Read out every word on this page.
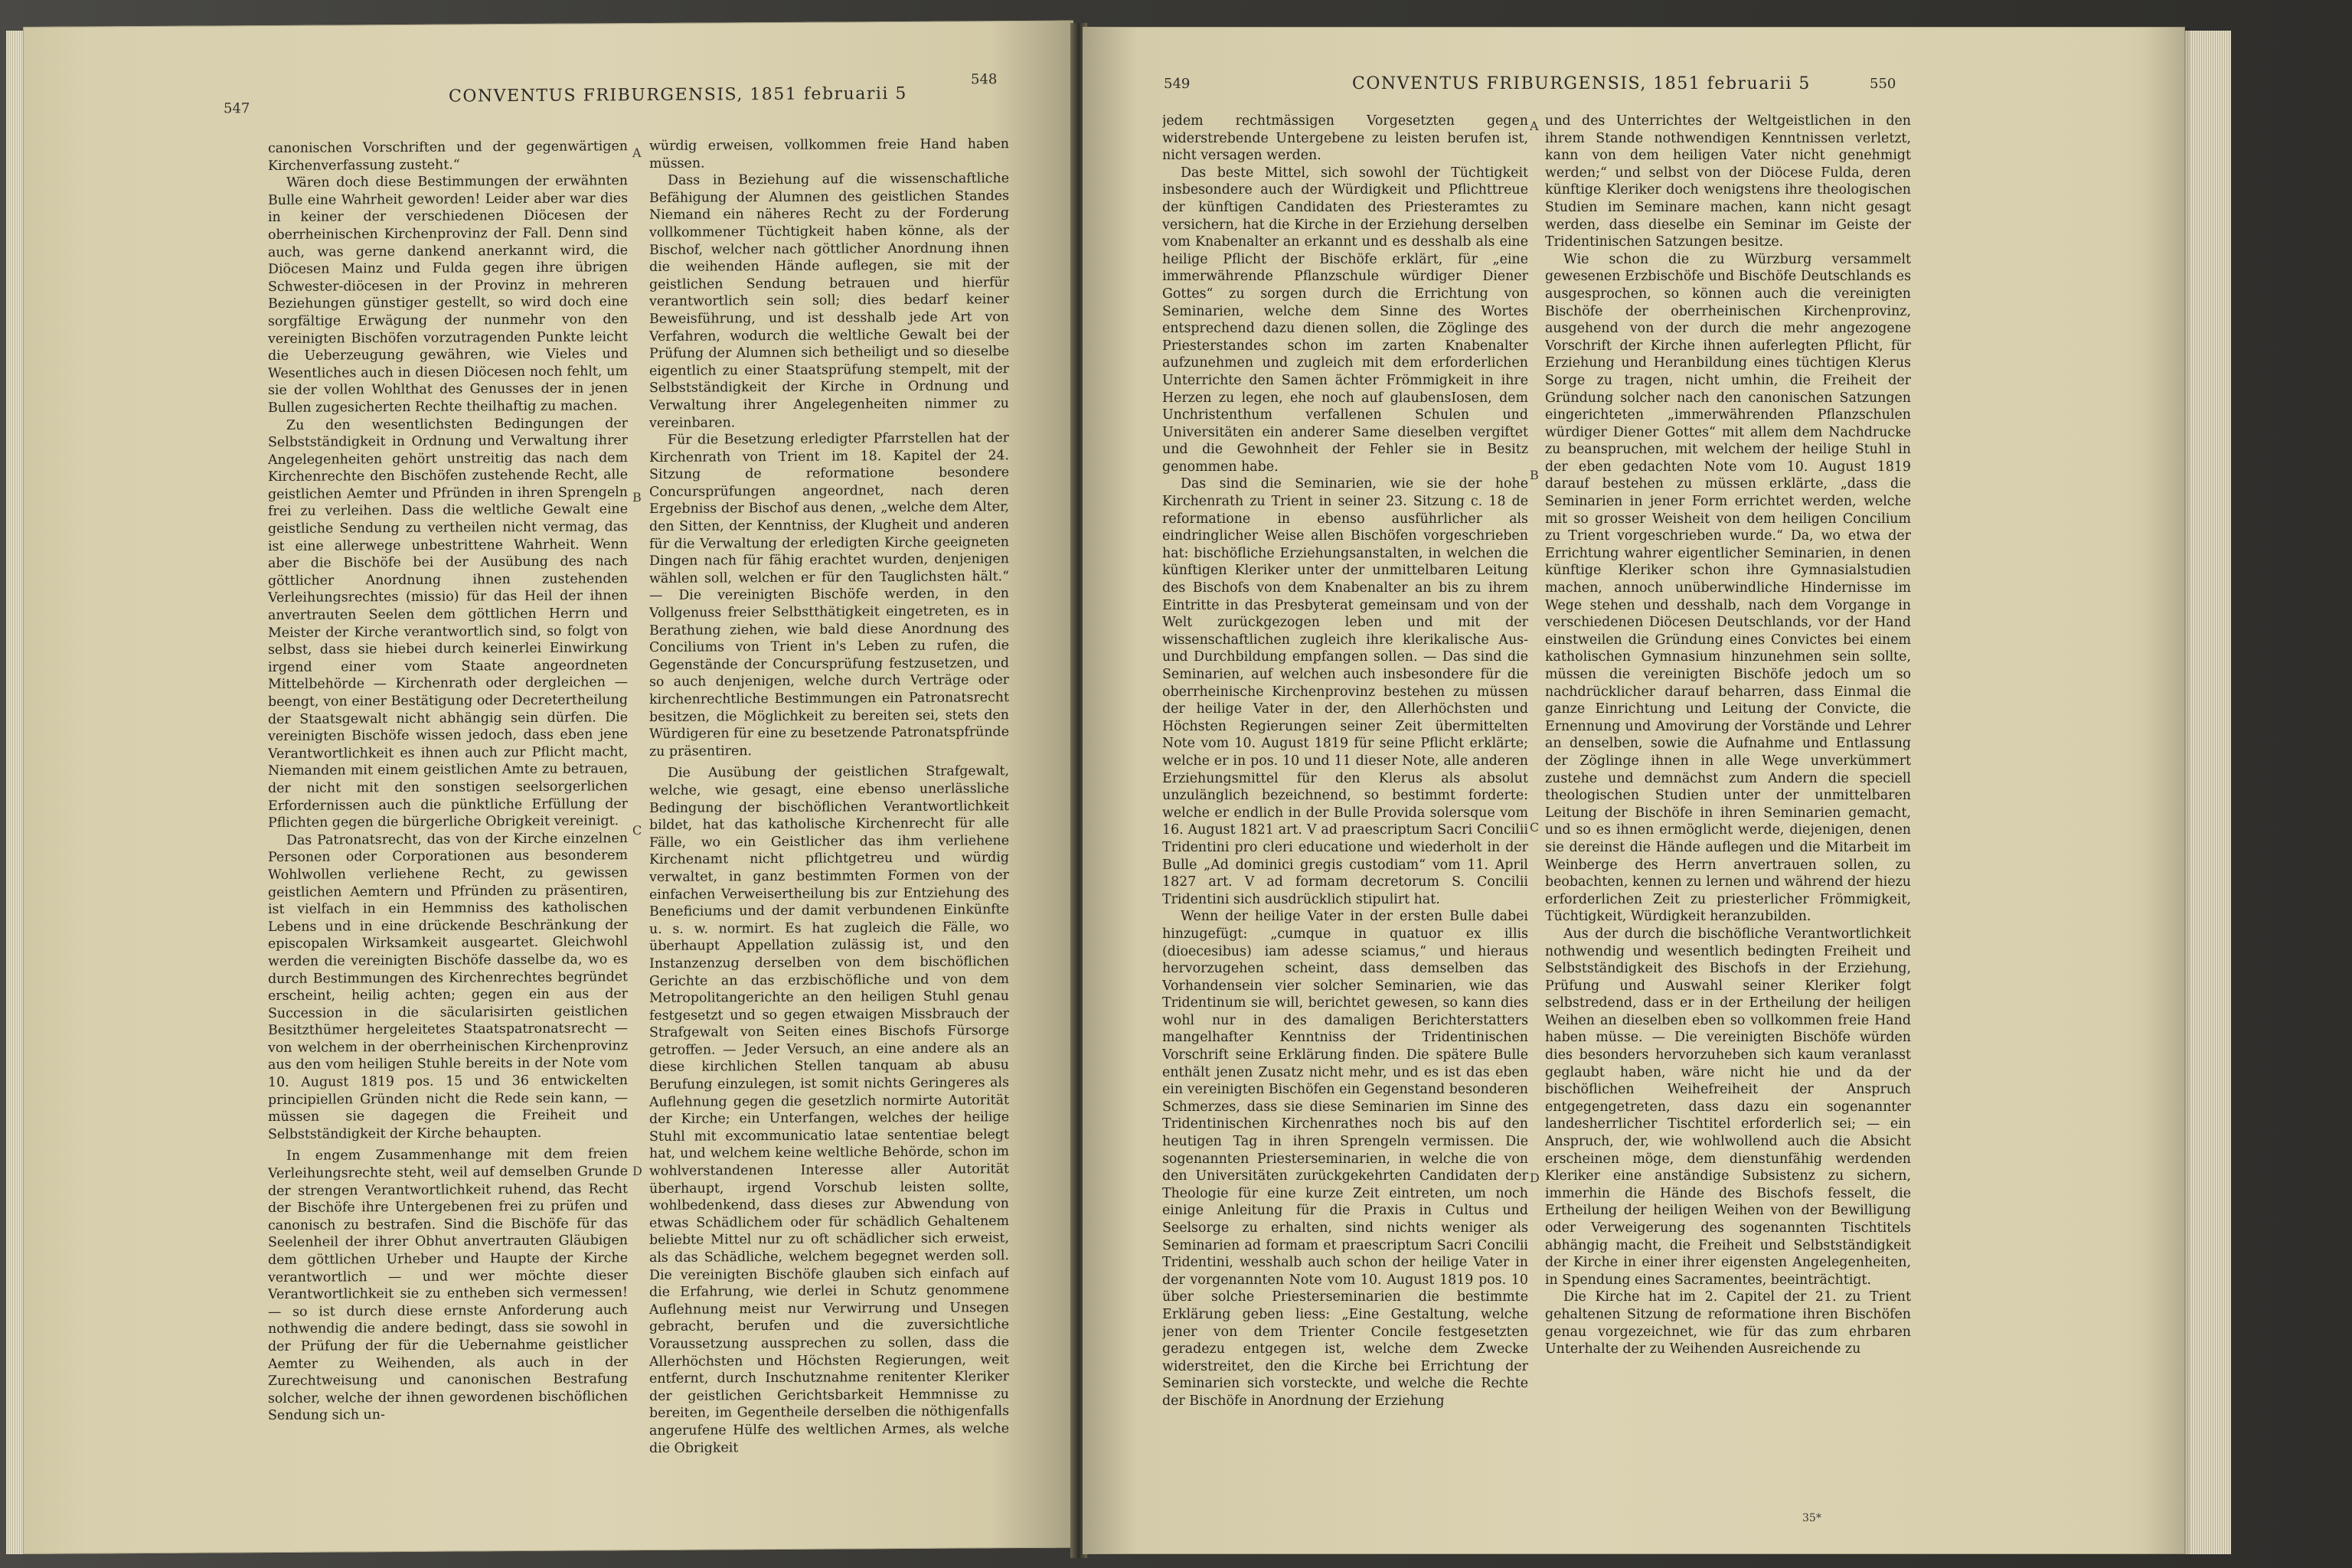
547
CONVENTUS FRIBURGENSIS, 1851 februarii 5
548

canonischen Vorschriften und der gegenwärtigen Kirchenverfassung zusteht.“

Wären doch diese Bestimmungen der erwähnten Bulle eine Wahrheit geworden! Leider aber war dies in keiner der verschiedenen Diöcesen der oberrheinischen Kirchenprovinz der Fall. Denn sind auch, was gerne dankend anerkannt wird, die Diöcesen Mainz und Fulda gegen ihre übrigen Schwester-diöcesen in der Provinz in mehreren Beziehungen günstiger gestellt, so wird doch eine sorgfältige Erwägung der nunmehr von den vereinigten Bischöfen vorzutragenden Punkte leicht die Ueberzeugung gewähren, wie Vieles und Wesentliches auch in diesen Diöcesen noch fehlt, um sie der vollen Wohlthat des Genusses der in jenen Bullen zugesicherten Rechte theilhaftig zu machen.

Zu den wesentlichsten Bedingungen der Selbstständigkeit in Ordnung und Verwaltung ihrer Angelegenheiten gehört unstreitig das nach dem Kirchenrechte den Bischöfen zustehende Recht, alle geistlichen Aemter und Pfründen in ihren Sprengeln frei zu verleihen. Dass die weltliche Gewalt eine geistliche Sendung zu vertheilen nicht vermag, das ist eine allerwege unbestrittene Wahrheit. Wenn aber die Bischöfe bei der Ausübung des nach göttlicher Anordnung ihnen zustehenden Verleihungsrechtes (missio) für das Heil der ihnen anvertrauten Seelen dem göttlichen Herrn und Meister der Kirche verantwortlich sind, so folgt von selbst, dass sie hiebei durch keinerlei Einwirkung irgend einer vom Staate angeordneten Mittelbehörde — Kirchenrath oder dergleichen — beengt, von einer Bestätigung oder Decretertheilung der Staatsgewalt nicht abhängig sein dürfen. Die vereinigten Bischöfe wissen jedoch, dass eben jene Verantwortlichkeit es ihnen auch zur Pflicht macht, Niemanden mit einem geistlichen Amte zu betrauen, der nicht mit den sonstigen seelsorgerlichen Erfordernissen auch die pünktliche Erfüllung der Pflichten gegen die bürgerliche Obrigkeit vereinigt.

Das Patronatsrecht, das von der Kirche einzelnen Personen oder Corporationen aus besonderem Wohlwollen verliehene Recht, zu gewissen geistlichen Aemtern und Pfründen zu präsentiren, ist vielfach in ein Hemmniss des katholischen Lebens und in eine drückende Beschränkung der episcopalen Wirksamkeit ausgeartet. Gleichwohl werden die vereinigten Bischöfe dasselbe da, wo es durch Bestimmungen des Kirchenrechtes begründet erscheint, heilig achten; gegen ein aus der Succession in die säcularisirten geistlichen Besitzthümer hergeleitetes Staatspatronatsrecht — von welchem in der oberrheinischen Kirchenprovinz aus den vom heiligen Stuhle bereits in der Note vom 10. August 1819 pos. 15 und 36 entwickelten principiellen Gründen nicht die Rede sein kann, — müssen sie dagegen die Freiheit und Selbstständigkeit der Kirche behaupten.

In engem Zusammenhange mit dem freien Verleihungsrechte steht, weil auf demselben Grunde der strengen Verantwortlichkeit ruhend, das Recht der Bischöfe ihre Untergebenen frei zu prüfen und canonisch zu bestrafen. Sind die Bischöfe für das Seelenheil der ihrer Obhut anvertrauten Gläubigen dem göttlichen Urheber und Haupte der Kirche verantwortlich — und wer möchte dieser Verantwortlichkeit sie zu entheben sich vermessen! — so ist durch diese ernste Anforderung auch nothwendig die andere bedingt, dass sie sowohl in der Prüfung der für die Uebernahme geistlicher Aemter zu Weihenden, als auch in der Zurechtweisung und canonischen Bestrafung solcher, welche der ihnen gewordenen bischöflichen Sendung sich un-

A
B
C
D

würdig erweisen, vollkommen freie Hand haben müssen.

Dass in Beziehung auf die wissenschaftliche Befähigung der Alumnen des geistlichen Standes Niemand ein näheres Recht zu der Forderung vollkommener Tüchtigkeit haben könne, als der Bischof, welcher nach göttlicher Anordnung ihnen die weihenden Hände auflegen, sie mit der geistlichen Sendung betrauen und hierfür verantwortlich sein soll; dies bedarf keiner Beweisführung, und ist desshalb jede Art von Verfahren, wodurch die weltliche Gewalt bei der Prüfung der Alumnen sich betheiligt und so dieselbe eigentlich zu einer Staatsprüfung stempelt, mit der Selbstständigkeit der Kirche in Ordnung und Verwaltung ihrer Angelegenheiten nimmer zu vereinbaren.

Für die Besetzung erledigter Pfarrstellen hat der Kirchenrath von Trient im 18. Kapitel der 24. Sitzung de reformatione besondere Concursprüfungen angeordnet, nach deren Ergebniss der Bischof aus denen, „welche dem Alter, den Sitten, der Kenntniss, der Klugheit und anderen für die Verwaltung der erledigten Kirche geeigneten Dingen nach für fähig erachtet wurden, denjenigen wählen soll, welchen er für den Tauglichsten hält.“ — Die vereinigten Bischöfe werden, in den Vollgenuss freier Selbstthätigkeit eingetreten, es in Berathung ziehen, wie bald diese Anordnung des Conciliums von Trient in's Leben zu rufen, die Gegenstände der Concursprüfung festzusetzen, und so auch denjenigen, welche durch Verträge oder kirchenrechtliche Bestimmungen ein Patronatsrecht besitzen, die Möglichkeit zu bereiten sei, stets den Würdigeren für eine zu besetzende Patronatspfründe zu präsentiren.

Die Ausübung der geistlichen Strafgewalt, welche, wie gesagt, eine ebenso unerlässliche Bedingung der bischöflichen Verantwortlichkeit bildet, hat das katholische Kirchenrecht für alle Fälle, wo ein Geistlicher das ihm verliehene Kirchenamt nicht pflichtgetreu und würdig verwaltet, in ganz bestimmten Formen von der einfachen Verweisertheilung bis zur Entziehung des Beneficiums und der damit verbundenen Einkünfte u. s. w. normirt. Es hat zugleich die Fälle, wo überhaupt Appellation zulässig ist, und den Instanzenzug derselben von dem bischöflichen Gerichte an das erzbischöfliche und von dem Metropolitangerichte an den heiligen Stuhl genau festgesetzt und so gegen etwaigen Missbrauch der Strafgewalt von Seiten eines Bischofs Fürsorge getroffen. — Jeder Versuch, an eine andere als an diese kirchlichen Stellen tanquam ab abusu Berufung einzulegen, ist somit nichts Geringeres als Auflehnung gegen die gesetzlich normirte Autorität der Kirche; ein Unterfangen, welches der heilige Stuhl mit excommunicatio latae sententiae belegt hat, und welchem keine weltliche Behörde, schon im wohlverstandenen Interesse aller Autorität überhaupt, irgend Vorschub leisten sollte, wohlbedenkend, dass dieses zur Abwendung von etwas Schädlichem oder für schädlich Gehaltenem beliebte Mittel nur zu oft schädlicher sich erweist, als das Schädliche, welchem begegnet werden soll. Die vereinigten Bischöfe glauben sich einfach auf die Erfahrung, wie derlei in Schutz genommene Auflehnung meist nur Verwirrung und Unsegen gebracht, berufen und die zuversichtliche Voraussetzung aussprechen zu sollen, dass die Allerhöchsten und Höchsten Regierungen, weit entfernt, durch Inschutznahme renitenter Kleriker der geistlichen Gerichtsbarkeit Hemmnisse zu bereiten, im Gegentheile derselben die nöthigenfalls angerufene Hülfe des weltlichen Armes, als welche die Obrigkeit

549	CONVENTUS FRIBURGENSIS, 1851 februarii 5	550

jedem rechtmässigen Vorgesetzten gegen widerstrebende Untergebene zu leisten berufen ist, nicht versagen werden.

Das beste Mittel, sich sowohl der Tüchtigkeit insbesondere auch der Würdigkeit und Pflichttreue der künftigen Candidaten des Priesteramtes zu versichern, hat die Kirche in der Erziehung derselben vom Knabenalter an erkannt und es desshalb als eine heilige Pflicht der Bischöfe erklärt, für „eine immerwährende Pflanzschule würdiger Diener Gottes“ zu sorgen durch die Errichtung von Seminarien, welche dem Sinne des Wortes entsprechend dazu dienen sollen, die Zöglinge des Priesterstandes schon im zarten Knabenalter aufzunehmen und zugleich mit dem erforderlichen Unterrichte den Samen ächter Frömmigkeit in ihre Herzen zu legen, ehe noch auf glaubensIosen, dem Unchristenthum verfallenen Schulen und Universitäten ein anderer Same dieselben vergiftet und die Gewohnheit der Fehler sie in Besitz genommen habe.

Das sind die Seminarien, wie sie der hohe Kirchenrath zu Trient in seiner 23. Sitzung c. 18 de reformatione in ebenso ausführlicher als eindringlicher Weise allen Bischöfen vorgeschrieben hat: bischöfliche Erziehungsanstalten, in welchen die künftigen Kleriker unter der unmittelbaren Leitung des Bischofs von dem Knabenalter an bis zu ihrem Eintritte in das Presbyterat gemeinsam und von der Welt zurückgezogen leben und mit der wissenschaftlichen zugleich ihre klerikalische Aus- und Durchbildung empfangen sollen. — Das sind die Seminarien, auf welchen auch insbesondere für die oberrheinische Kirchenprovinz bestehen zu müssen der heilige Vater in der, den Allerhöchsten und Höchsten Regierungen seiner Zeit übermittelten Note vom 10. August 1819 für seine Pflicht erklärte; welche er in pos. 10 und 11 dieser Note, alle anderen Erziehungsmittel für den Klerus als absolut unzulänglich bezeichnend, so bestimmt forderte: welche er endlich in der Bulle Provida solersque vom 16. August 1821 art. V ad praescriptum Sacri Concilii Tridentini pro cleri educatione und wiederholt in der Bulle „Ad dominici gregis custodiam“ vom 11. April 1827 art. V ad formam decretorum S. Concilii Tridentini sich ausdrücklich stipulirt hat.

Wenn der heilige Vater in der ersten Bulle dabei hinzugefügt: „cumque in quatuor ex illis (dioecesibus) iam adesse sciamus,“ und hieraus hervorzugehen scheint, dass demselben das Vorhandensein vier solcher Seminarien, wie das Tridentinum sie will, berichtet gewesen, so kann dies wohl nur in des damaligen Berichterstatters mangelhafter Kenntniss der Tridentinischen Vorschrift seine Erklärung finden. Die spätere Bulle enthält jenen Zusatz nicht mehr, und es ist das eben ein vereinigten Bischöfen ein Gegenstand besonderen Schmerzes, dass sie diese Seminarien im Sinne des Tridentinischen Kirchenrathes noch bis auf den heutigen Tag in ihren Sprengeln vermissen. Die sogenannten Priesterseminarien, in welche die von den Universitäten zurückgekehrten Candidaten der Theologie für eine kurze Zeit eintreten, um noch einige Anleitung für die Praxis in Cultus und Seelsorge zu erhalten, sind nichts weniger als Seminarien ad formam et praescriptum Sacri Concilii Tridentini, wesshalb auch schon der heilige Vater in der vorgenannten Note vom 10. August 1819 pos. 10 über solche Priesterseminarien die bestimmte Erklärung geben liess: „Eine Gestaltung, welche jener von dem Trienter Concile festgesetzten geradezu entgegen ist, welche dem Zwecke widerstreitet, den die Kirche bei Errichtung der Seminarien sich vorsteckte, und welche die Rechte der Bischöfe in Anordnung der Erziehung

A
B
C
D

und des Unterrichtes der Weltgeistlichen in den ihrem Stande nothwendigen Kenntnissen verletzt, kann von dem heiligen Vater nicht genehmigt werden;“ und selbst von der Diöcese Fulda, deren künftige Kleriker doch wenigstens ihre theologischen Studien im Seminare machen, kann nicht gesagt werden, dass dieselbe ein Seminar im Geiste der Tridentinischen Satzungen besitze.

Wie schon die zu Würzburg versammelt gewesenen Erzbischöfe und Bischöfe Deutschlands es ausgesprochen, so können auch die vereinigten Bischöfe der oberrheinischen Kirchenprovinz, ausgehend von der durch die mehr angezogene Vorschrift der Kirche ihnen auferlegten Pflicht, für Erziehung und Heranbildung eines tüchtigen Klerus Sorge zu tragen, nicht umhin, die Freiheit der Gründung solcher nach den canonischen Satzungen eingerichteten „immerwährenden Pflanzschulen würdiger Diener Gottes“ mit allem dem Nachdrucke zu beanspruchen, mit welchem der heilige Stuhl in der eben gedachten Note vom 10. August 1819 darauf bestehen zu müssen erklärte, „dass die Seminarien in jener Form errichtet werden, welche mit so grosser Weisheit von dem heiligen Concilium zu Trient vorgeschrieben wurde.“ Da, wo etwa der Errichtung wahrer eigentlicher Seminarien, in denen künftige Kleriker schon ihre Gymnasialstudien machen, annoch unüberwindliche Hindernisse im Wege stehen und desshalb, nach dem Vorgange in verschiedenen Diöcesen Deutschlands, vor der Hand einstweilen die Gründung eines Convictes bei einem katholischen Gymnasium hinzunehmen sein sollte, müssen die vereinigten Bischöfe jedoch um so nachdrücklicher darauf beharren, dass Einmal die ganze Einrichtung und Leitung der Convicte, die Ernennung und Amovirung der Vorstände und Lehrer an denselben, sowie die Aufnahme und Entlassung der Zöglinge ihnen in alle Wege unverkümmert zustehe und demnächst zum Andern die speciell theologischen Studien unter der unmittelbaren Leitung der Bischöfe in ihren Seminarien gemacht, und so es ihnen ermöglicht werde, diejenigen, denen sie dereinst die Hände auflegen und die Mitarbeit im Weinberge des Herrn anvertrauen sollen, zu beobachten, kennen zu lernen und während der hiezu erforderlichen Zeit zu priesterlicher Frömmigkeit, Tüchtigkeit, Würdigkeit heranzubilden.

Aus der durch die bischöfliche Verantwortlichkeit nothwendig und wesentlich bedingten Freiheit und Selbstständigkeit des Bischofs in der Erziehung, Prüfung und Auswahl seiner Kleriker folgt selbstredend, dass er in der Ertheilung der heiligen Weihen an dieselben eben so vollkommen freie Hand haben müsse. — Die vereinigten Bischöfe würden dies besonders hervorzuheben sich kaum veranlasst geglaubt haben, wäre nicht hie und da der bischöflichen Weihefreiheit der Anspruch entgegengetreten, dass dazu ein sogenannter landesherrlicher Tischtitel erforderlich sei; — ein Anspruch, der, wie wohlwollend auch die Absicht erscheinen möge, dem dienstunfähig werdenden Kleriker eine anständige Subsistenz zu sichern, immerhin die Hände des Bischofs fesselt, die Ertheilung der heiligen Weihen von der Bewilligung oder Verweigerung des sogenannten Tischtitels abhängig macht, die Freiheit und Selbstständigkeit der Kirche in einer ihrer eigensten Angelegenheiten, in Spendung eines Sacramentes, beeinträchtigt.

Die Kirche hat im 2. Capitel der 21. zu Trient gehaltenen Sitzung de reformatione ihren Bischöfen genau vorgezeichnet, wie für das zum ehrbaren Unterhalte der zu Weihenden Ausreichende zu

35*
